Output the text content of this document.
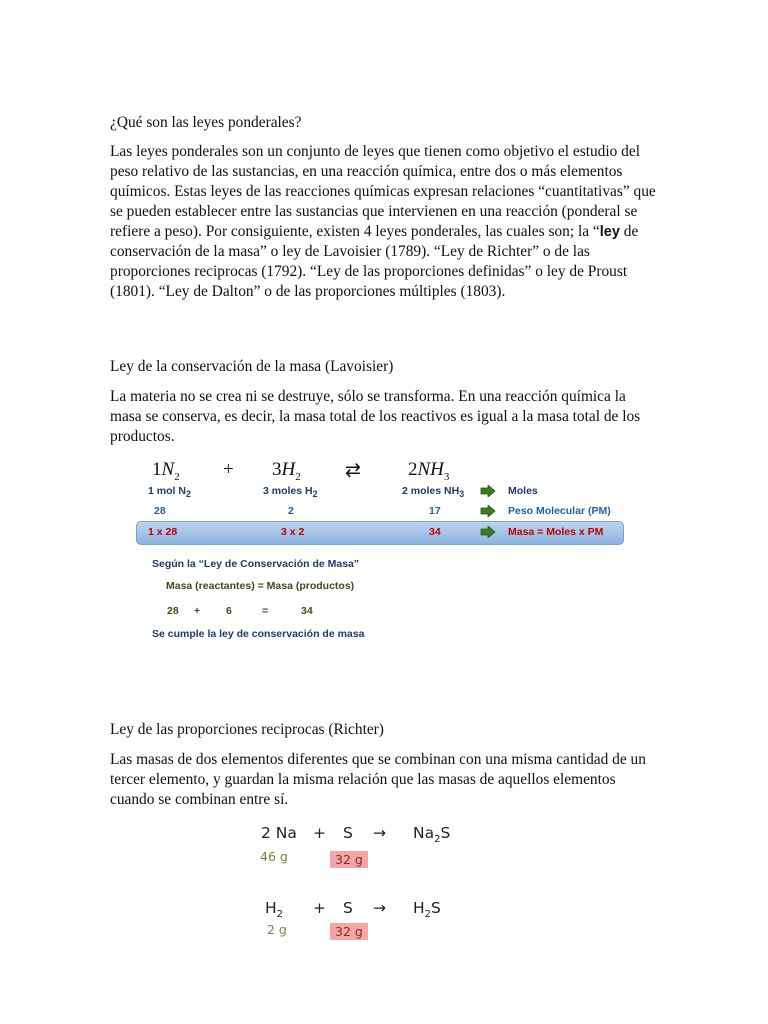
¿Qué son las leyes ponderales?
Las leyes ponderales son un conjunto de leyes que tienen como objetivo el estudio del peso relativo de las sustancias, en una reacción química, entre dos o más elementos químicos. Estas leyes de las reacciones químicas expresan relaciones “cuantitativas” que se pueden establecer entre las sustancias que intervienen en una reacción (ponderal se refiere a peso). Por consiguiente, existen 4 leyes ponderales, las cuales son; la “ley de conservación de la masa” o ley de Lavoisier (1789). “Ley de Richter” o de las proporciones reciprocas (1792). “Ley de las proporciones definidas” o ley de Proust (1801). “Ley de Dalton” o de las proporciones múltiples (1803).
Ley de la conservación de la masa (Lavoisier)
La materia no se crea ni se destruye, sólo se transforma. En una reacción química la masa se conserva, es decir, la masa total de los reactivos es igual a la masa total de los productos.
$1N_2 + 3H_2$ ⇄ $2NH_3$
1 mol $N_2$	3 moles $H_2$	2 moles $NH_3$	Moles
28	2	17	Peso Molecular (PM)
1 x 28	3 x 2	34	Masa = Moles x PM
Según la “Ley de Conservación de Masa”
Masa (reactantes) = Masa (productos)
28 + 6	=	34
Se cumple la ley de conservación de masa
Ley de las proporciones reciprocas (Richter)
Las masas de dos elementos diferentes que se combinan con una misma cantidad de un tercer elemento, y guardan la misma relación que las masas de aquellos elementos cuando se combinan entre sí.
2 $Na + S \to Na_2S$
46 g	32 g
$H_2 + S \to H_2S$
2 g	32 g
